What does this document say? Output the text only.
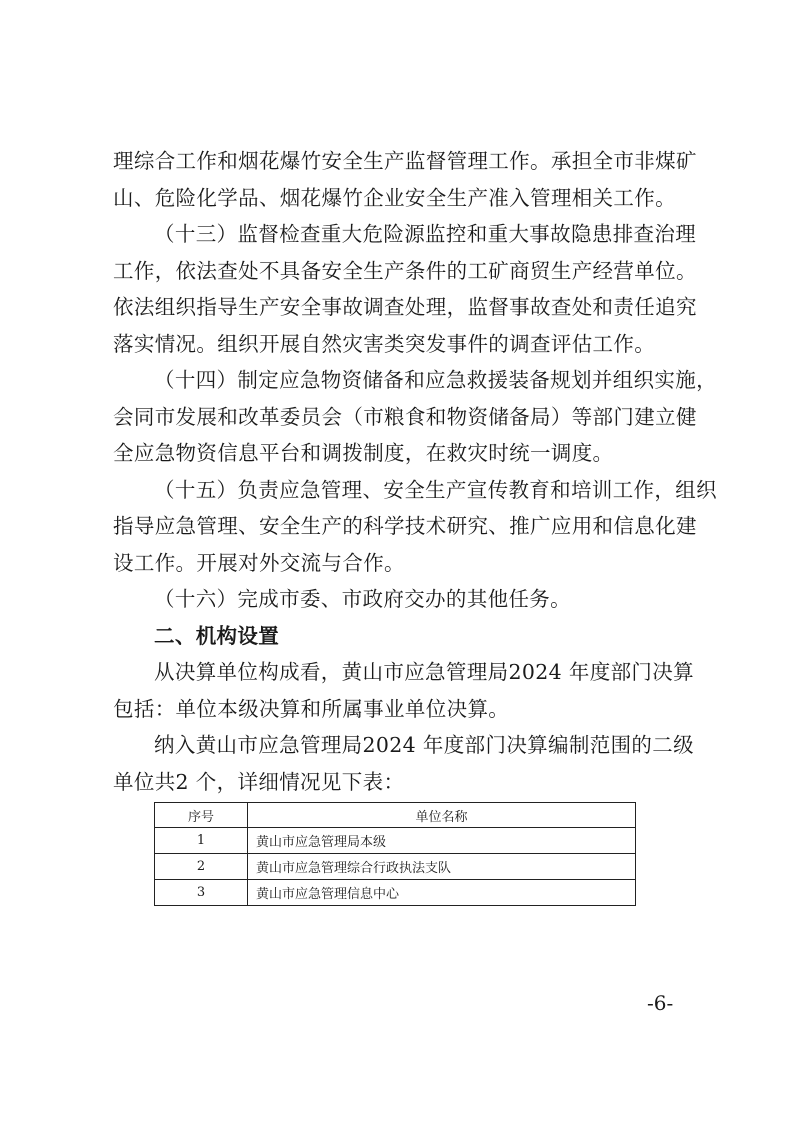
理综合工作和烟花爆竹安全生产监督管理工作。承担全市非煤矿
山、危险化学品、烟花爆竹企业安全生产准入管理相关工作。
（十三）监督检查重大危险源监控和重大事故隐患排查治理
工作，依法查处不具备安全生产条件的工矿商贸生产经营单位。
依法组织指导生产安全事故调查处理，监督事故查处和责任追究
落实情况。组织开展自然灾害类突发事件的调查评估工作。
（十四）制定应急物资储备和应急救援装备规划并组织实施，
会同市发展和改革委员会（市粮食和物资储备局）等部门建立健
全应急物资信息平台和调拨制度，在救灾时统一调度。
（十五）负责应急管理、安全生产宣传教育和培训工作，组织
指导应急管理、安全生产的科学技术研究、推广应用和信息化建
设工作。开展对外交流与合作。
（十六）完成市委、市政府交办的其他任务。
二、机构设置
从决算单位构成看，黄山市应急管理局2024 年度部门决算
包括：单位本级决算和所属事业单位决算。
纳入黄山市应急管理局2024 年度部门决算编制范围的二级
单位共2 个，详细情况见下表：
序号	单位名称
1	黄山市应急管理局本级
2	黄山市应急管理综合行政执法支队
3	黄山市应急管理信息中心
-6-
